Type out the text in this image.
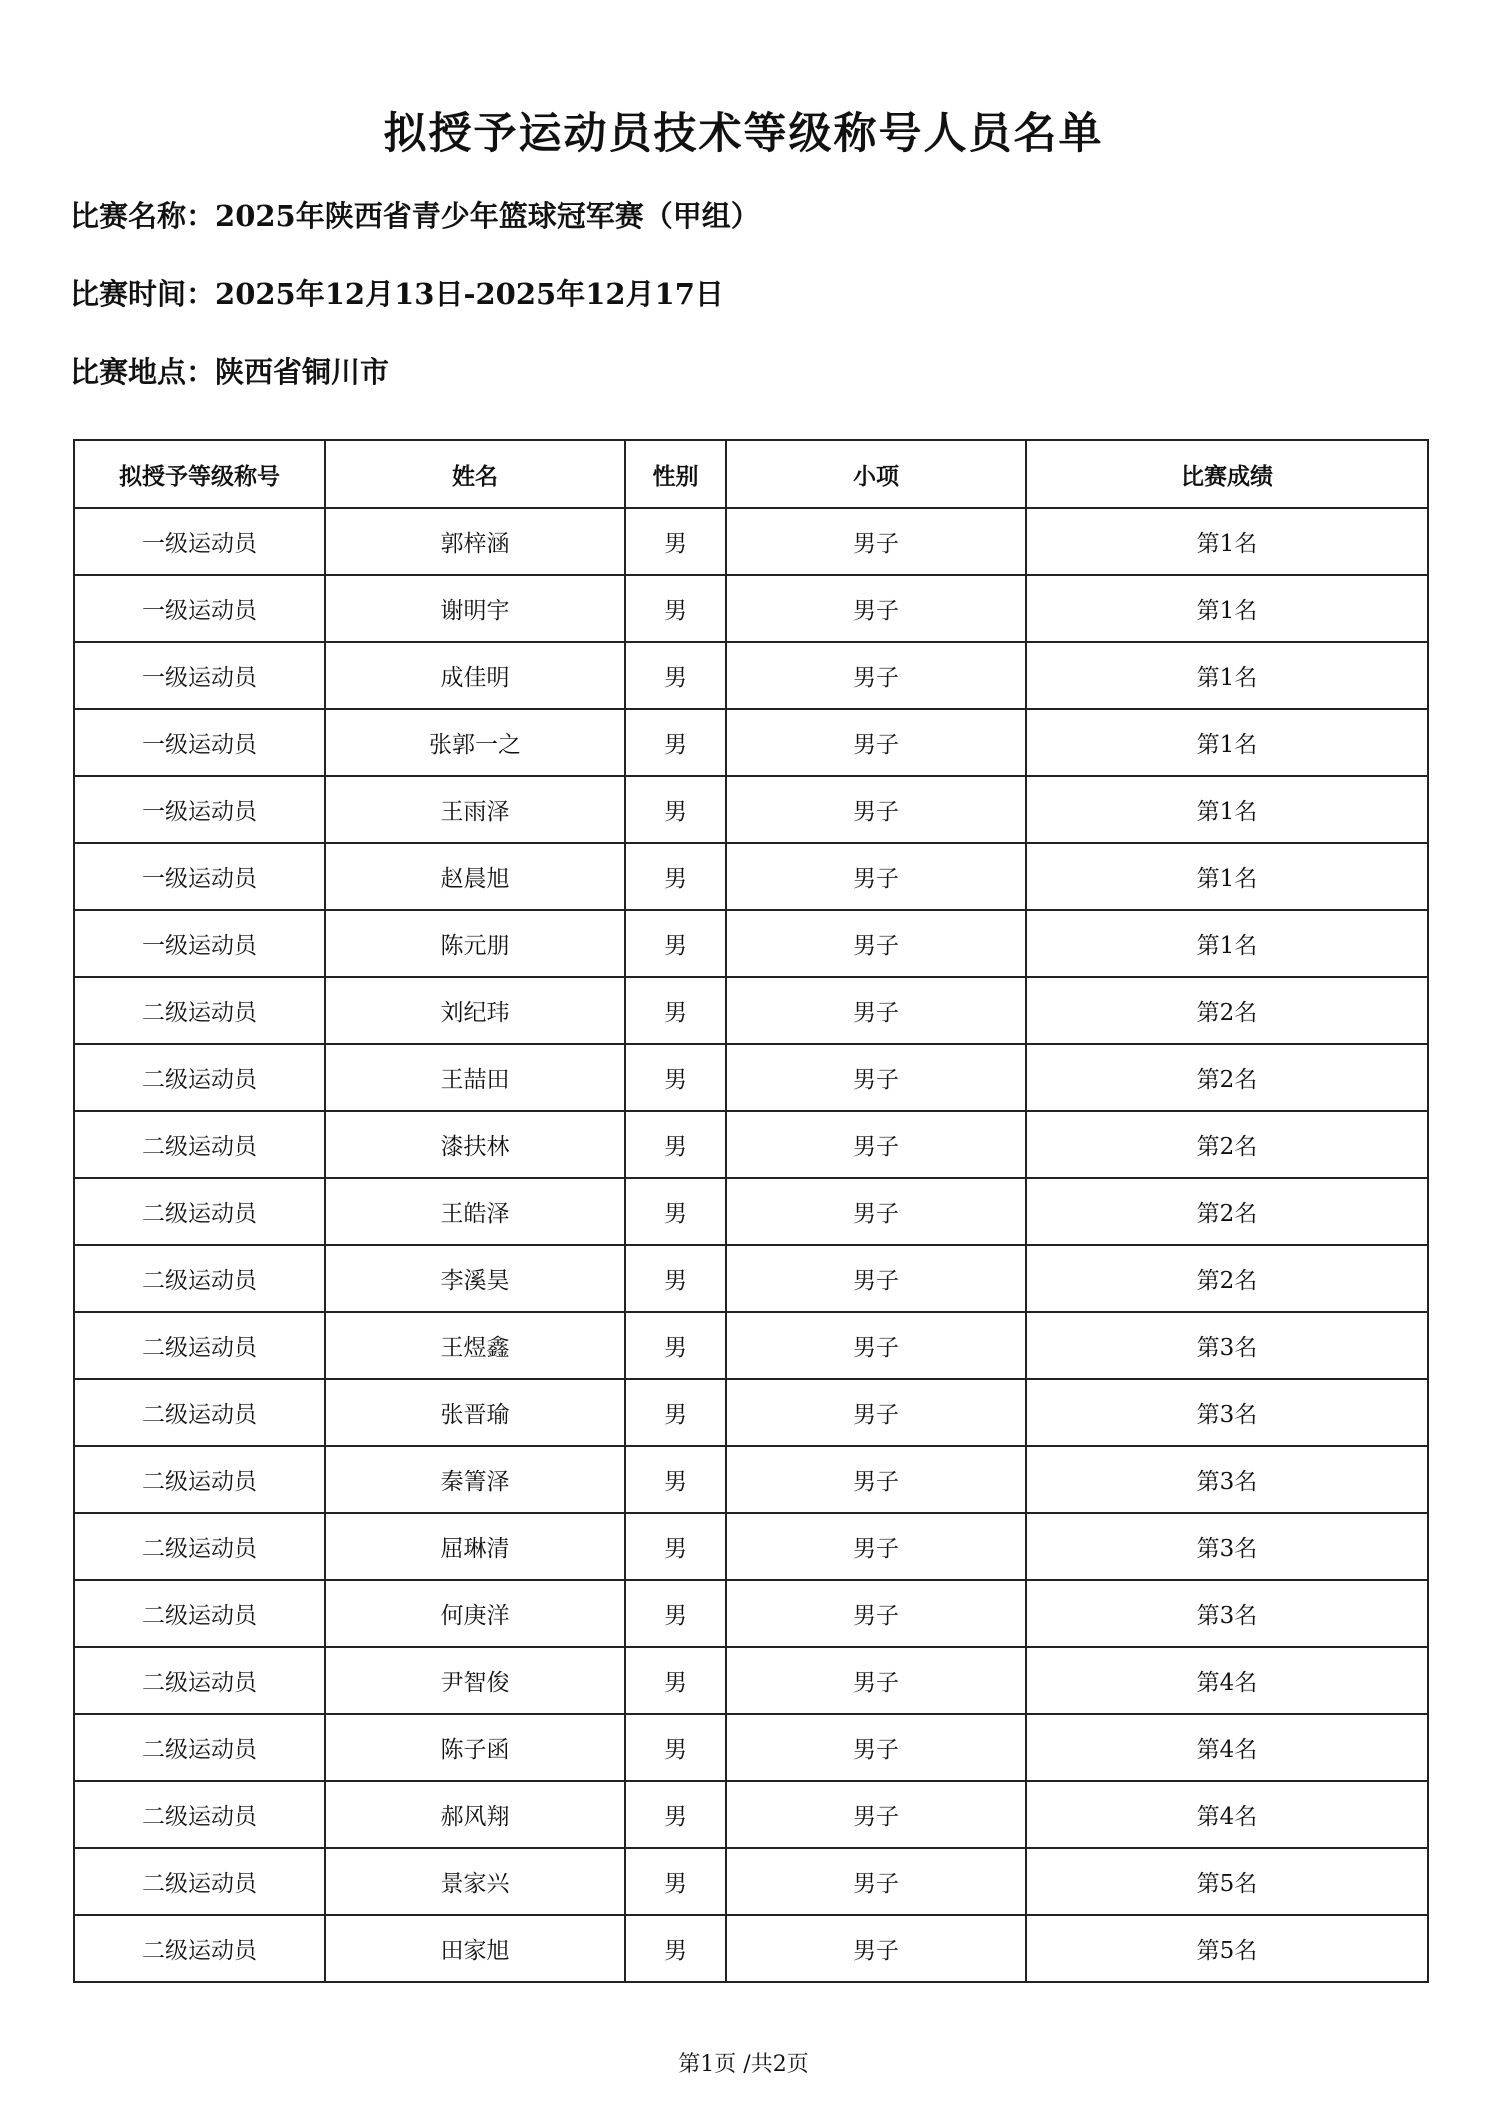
拟授予运动员技术等级称号人员名单
比赛名称：2025年陕西省青少年篮球冠军赛（甲组）
比赛时间：2025年12月13日-2025年12月17日
比赛地点：陕西省铜川市
拟授予等级称号	姓名	性别	小项	比赛成绩
一级运动员	郭梓涵	男	男子	第1名
一级运动员	谢明宇	男	男子	第1名
一级运动员	成佳明	男	男子	第1名
一级运动员	张郭一之	男	男子	第1名
一级运动员	王雨泽	男	男子	第1名
一级运动员	赵晨旭	男	男子	第1名
一级运动员	陈元朋	男	男子	第1名
二级运动员	刘纪玮	男	男子	第2名
二级运动员	王喆田	男	男子	第2名
二级运动员	漆扶林	男	男子	第2名
二级运动员	王皓泽	男	男子	第2名
二级运动员	李溪昊	男	男子	第2名
二级运动员	王煜鑫	男	男子	第3名
二级运动员	张晋瑜	男	男子	第3名
二级运动员	秦箐泽	男	男子	第3名
二级运动员	屈琳清	男	男子	第3名
二级运动员	何庚洋	男	男子	第3名
二级运动员	尹智俊	男	男子	第4名
二级运动员	陈子函	男	男子	第4名
二级运动员	郝风翔	男	男子	第4名
二级运动员	景家兴	男	男子	第5名
二级运动员	田家旭	男	男子	第5名
第1页 /共2页
